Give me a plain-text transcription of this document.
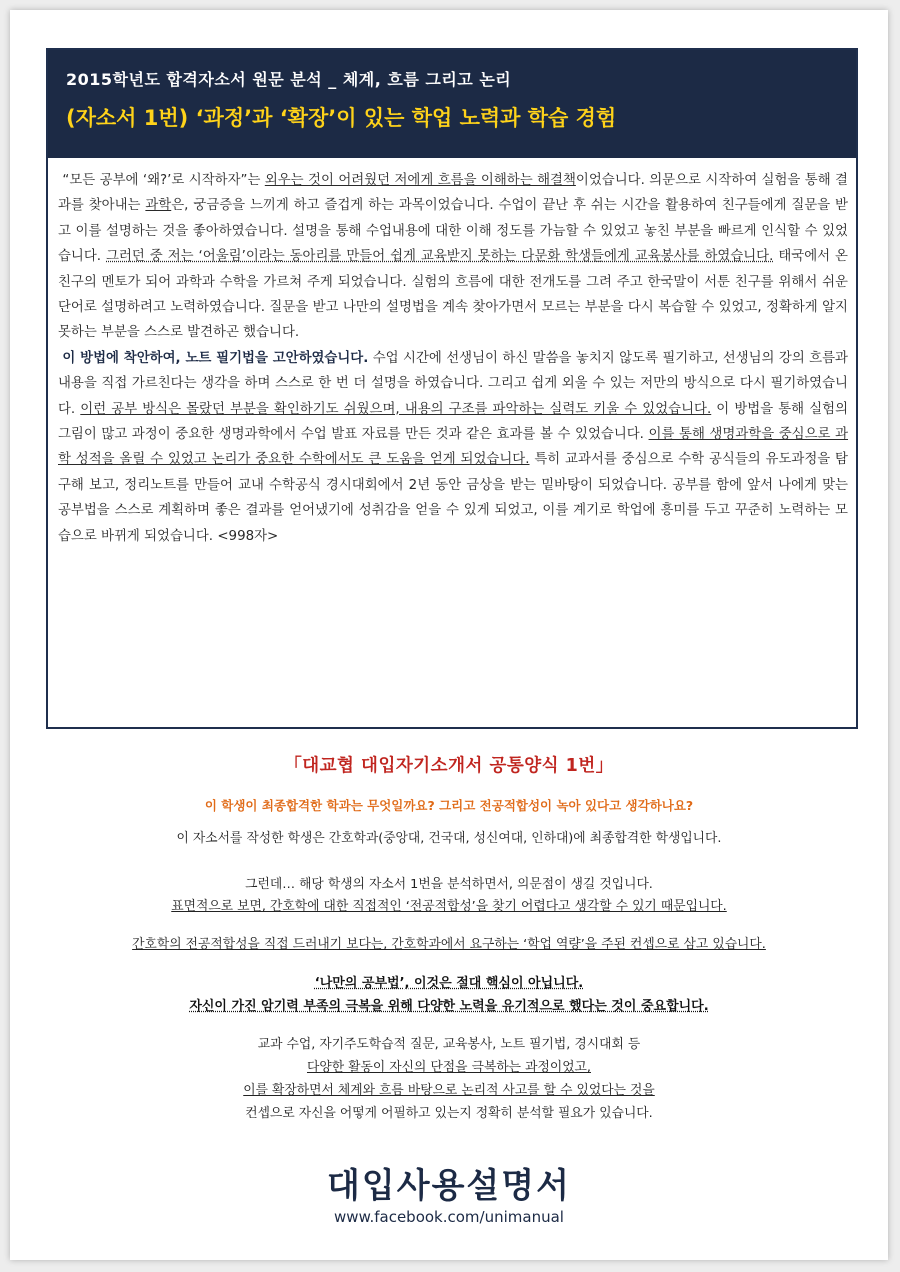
2015학년도 합격자소서 원문 분석 _ 체계, 흐름 그리고 논리
(자소서 1번) ‘과정’과 ‘확장’이 있는 학업 노력과 학습 경험

“모든 공부에 ‘왜?’로 시작하자”는 외우는 것이 어려웠던 저에게 흐름을 이해하는 해결책이었습니다. 의문으로 시작하여 실험을 통해 결과를 찾아내는 과학은, 궁금증을 느끼게 하고 즐겁게 하는 과목이었습니다. 수업이 끝난 후 쉬는 시간을 활용하여 친구들에게 질문을 받고 이를 설명하는 것을 좋아하였습니다. 설명을 통해 수업내용에 대한 이해 정도를 가늠할 수 있었고 놓친 부분을 빠르게 인식할 수 있었습니다. 그러던 중 저는 ‘어울림’이라는 동아리를 만들어 쉽게 교육받지 못하는 다문화 학생들에게 교육봉사를 하였습니다. 태국에서 온 친구의 멘토가 되어 과학과 수학을 가르쳐 주게 되었습니다. 실험의 흐름에 대한 전개도를 그려 주고 한국말이 서툰 친구를 위해서 쉬운 단어로 설명하려고 노력하였습니다. 질문을 받고 나만의 설명법을 계속 찾아가면서 모르는 부분을 다시 복습할 수 있었고, 정확하게 알지 못하는 부분을 스스로 발견하곤 했습니다.

이 방법에 착안하여, 노트 필기법을 고안하였습니다. 수업 시간에 선생님이 하신 말씀을 놓치지 않도록 필기하고, 선생님의 강의 흐름과 내용을 직접 가르친다는 생각을 하며 스스로 한 번 더 설명을 하였습니다. 그리고 쉽게 외울 수 있는 저만의 방식으로 다시 필기하였습니다. 이런 공부 방식은 몰랐던 부분을 확인하기도 쉬웠으며, 내용의 구조를 파악하는 실력도 키울 수 있었습니다. 이 방법을 통해 실험의 그림이 많고 과정이 중요한 생명과학에서 수업 발표 자료를 만든 것과 같은 효과를 볼 수 있었습니다. 이를 통해 생명과학을 중심으로 과학 성적을 올릴 수 있었고 논리가 중요한 수학에서도 큰 도움을 얻게 되었습니다. 특히 교과서를 중심으로 수학 공식들의 유도과정을 탐구해 보고, 정리노트를 만들어 교내 수학공식 경시대회에서 2년 동안 금상을 받는 밑바탕이 되었습니다. 공부를 함에 앞서 나에게 맞는 공부법을 스스로 계획하며 좋은 결과를 얻어냈기에 성취감을 얻을 수 있게 되었고, 이를 계기로 학업에 흥미를 두고 꾸준히 노력하는 모습으로 바뀌게 되었습니다. <998자>

「대교협 대입자기소개서 공통양식 1번」
이 학생이 최종합격한 학과는 무엇일까요? 그리고 전공적합성이 녹아 있다고 생각하나요?
이 자소서를 작성한 학생은 간호학과(중앙대, 건국대, 성신여대, 인하대)에 최종합격한 학생입니다.
그런데… 해당 학생의 자소서 1번을 분석하면서, 의문점이 생길 것입니다.
표면적으로 보면, 간호학에 대한 직접적인 ‘전공적합성’을 찾기 어렵다고 생각할 수 있기 때문입니다.
간호학의 전공적합성을 직접 드러내기 보다는, 간호학과에서 요구하는 ‘학업 역량’을 주된 컨셉으로 삼고 있습니다.
‘나만의 공부법’, 이것은 절대 핵심이 아닙니다.
자신이 가진 암기력 부족의 극복을 위해 다양한 노력을 유기적으로 했다는 것이 중요합니다.
교과 수업, 자기주도학습적 질문, 교육봉사, 노트 필기법, 경시대회 등
다양한 활동이 자신의 단점을 극복하는 과정이었고,
이를 확장하면서 체계와 흐름 바탕으로 논리적 사고를 할 수 있었다는 것을
컨셉으로 자신을 어떻게 어필하고 있는지 정확히 분석할 필요가 있습니다.
대입사용설명서
www.facebook.com/unimanual
